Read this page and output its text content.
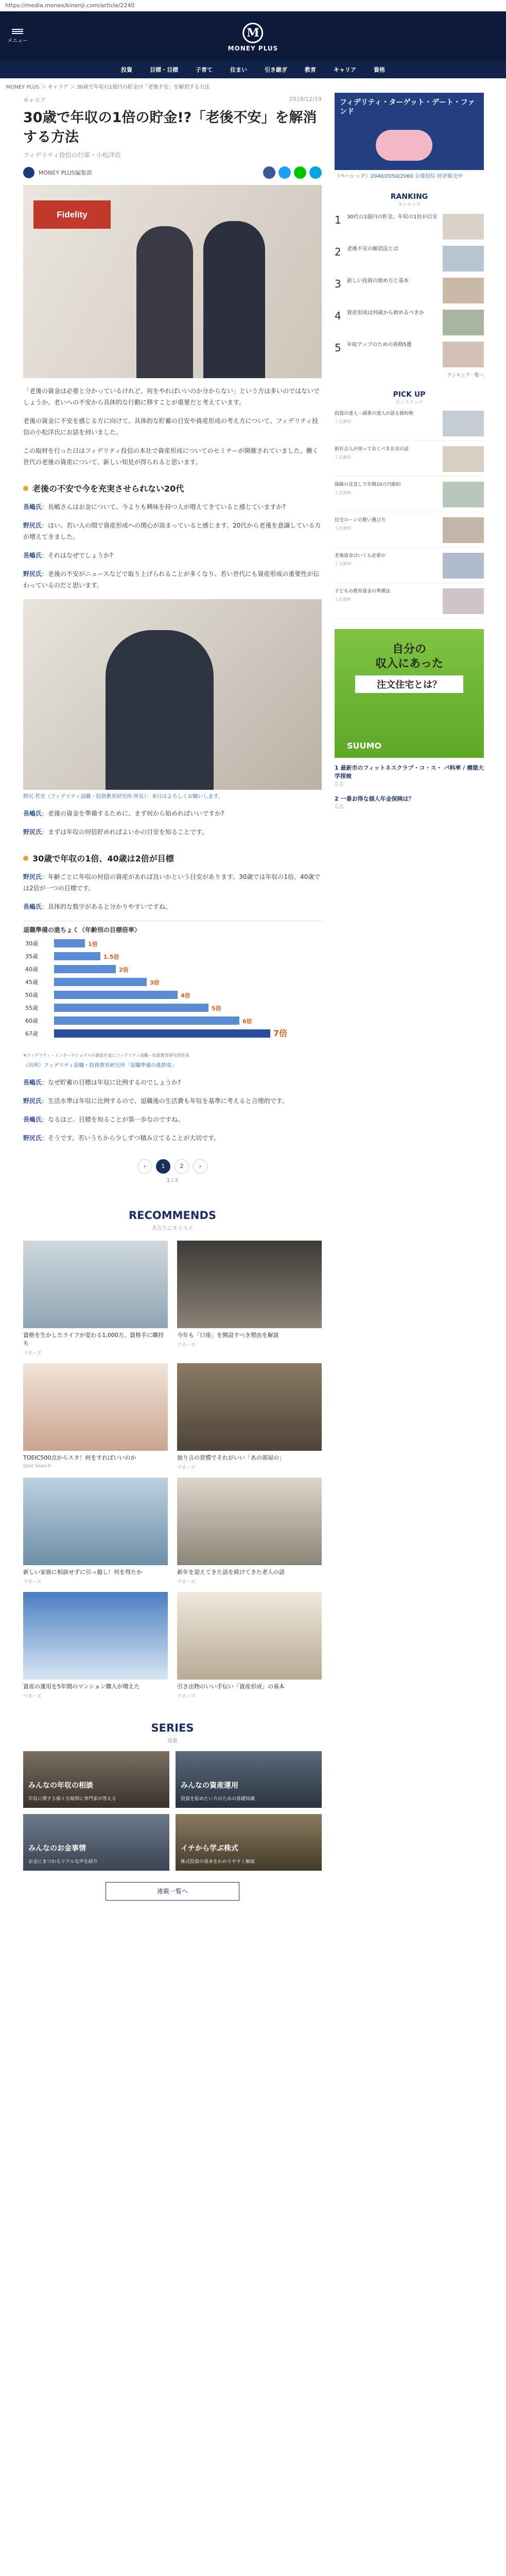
https://media.monex/kinenji.com/article/2240
メニュー
M
MONEY PLUS
投資	目標・目標	子育て	住まい	引き継ぎ	教育	キャリア	資格
MONEY PLUS ＞ キャリア ＞ 30歳で年収の1億円の貯金!?「老後不安」を解消する方法
キャリア	2018/12/19
30歳で年収の1倍の貯金!?「老後不安」を解消する方法
フィデリティ投信の行部・小松洋氏
MONEY PLUS編集部
Fidelity

「老後の資金は必要と分かっているけれど、何をやればいいのか分からない」という方は多いのではないでしょうか。老いへの不安から具体的な行動に移すことが重要だと考えています。

老後の資金に不安を感じる方に向けて、具体的な貯蓄の目安や資産形成の考え方について、フィデリティ投信の小松洋氏にお話を伺いました。

この取材を行った日はフィデリティ投信の本社で資産形成についてのセミナーが開催されていました。働く世代の老後の資産について、新しい知見が得られると思います。

老後の不安で今を充実させられない20代

長嶋氏：長嶋さんはお金について、今よりも興味を持つ人が増えてきていると感じていますか?

野尻氏：はい、若い人の間で資産形成への関心が高まっていると感じます。20代から老後を意識している方が増えてきました。

長嶋氏：それはなぜでしょうか?

野尻氏：老後の不安がニュースなどで取り上げられることが多くなり、若い世代にも資産形成の重要性が伝わっているのだと思います。

野尻 哲史（フィデリティ退職・投資教育研究所 所長）：本日はよろしくお願いします。

長嶋氏：老後の資金を準備するために、まず何から始めればいいですか?

野尻氏：まずは年収の何倍貯めればよいかの目安を知ることです。

30歳で年収の1倍、40歳は2倍が目標

野尻氏：年齢ごとに年収の何倍の資産があれば良いかという目安があります。30歳では年収の1倍、40歳では2倍が一つの目標です。

長嶋氏：具体的な数字があると分かりやすいですね。

退職準備の進ちょく（年齢別の目標倍率）
30歳	1倍
35歳	1.5倍
40歳	2倍
45歳	3倍
50歳	4倍
55歳	5倍
60歳	6倍
67歳	7倍
※フィデリティ・インターナショナルの調査を基にフィデリティ退職・投資教育研究所作成
（出所）フィデリティ退職・投資教育研究所「退職準備の進捗度」

長嶋氏：なぜ貯蓄の目標は年収に比例するのでしょうか?

野尻氏：生活水準は年収に比例するので、退職後の生活費も年収を基準に考えると合理的です。

長嶋氏：なるほど。目標を知ることが第一歩なのですね。

野尻氏：そうです。若いうちから少しずつ積み立てることが大切です。

‹	1	2	›
1 / 2
RECOMMENDS
あなたにオススメ
資格を生かしたライフが変わる1,000万、資格手に職持ち
マネーズ
今年も「口座」を開設すべき理由を解説
マネーズ
TOEIC500点からスタ！何をすればいいのか
Quiz Search
独り言の習慣でそれがいい「あの部屋の」
マネーズ
新しい家族に相談せずに引っ越し！何を得たか
マネーズ
新年を迎えてきた話を続けてきた老人の話
マネーズ
資産の運用を5年間のマンション購入が増えた
マネーズ
引き出物のいい手伝い「資産形成」の基本
マネーズ
SERIES
連載
みんなの年収の相談
年収に関する様々な疑問に専門家が答える
みんなの資産運用
投資を始めたい方のための基礎知識
みんなのお金事情
お金にまつわるリアルな声を紹介
イチから学ぶ株式
株式投資の基本をわかりやすく解説
連載一覧へ
フィデリティ・ターゲット・デート・ファンド
（ベーシック）2040/2050/2060 公募投信 好評販売中
RANKING
ランキング
1	30代の1億円の貯金、年収の1倍が目安
2	老後不安の解消法とは
3	新しい投資の始め方と基本
4	資産形成は何歳から始めるべきか
5	年収アップのための資格5選
ランキング一覧へ
PICK UP
ピックアップ
投資の達人・副業の達人が語る節約術
工夫資料
新社会人が知っておくべきお金の話
工夫資料
保険の見直しで年間10万円節約
工夫資料
住宅ローンの賢い選び方
工夫資料
老後資金はいくら必要か
工夫資料
子どもの教育資金の準備法
工夫資料
自分の
収入にあった
注文住宅とは？
SUUMO
1 最新市のフィットネスクラブ・コ・ス・ パ料率 / 構築大学探検
広告
2 一番お得な個人年金保険は？
広告
